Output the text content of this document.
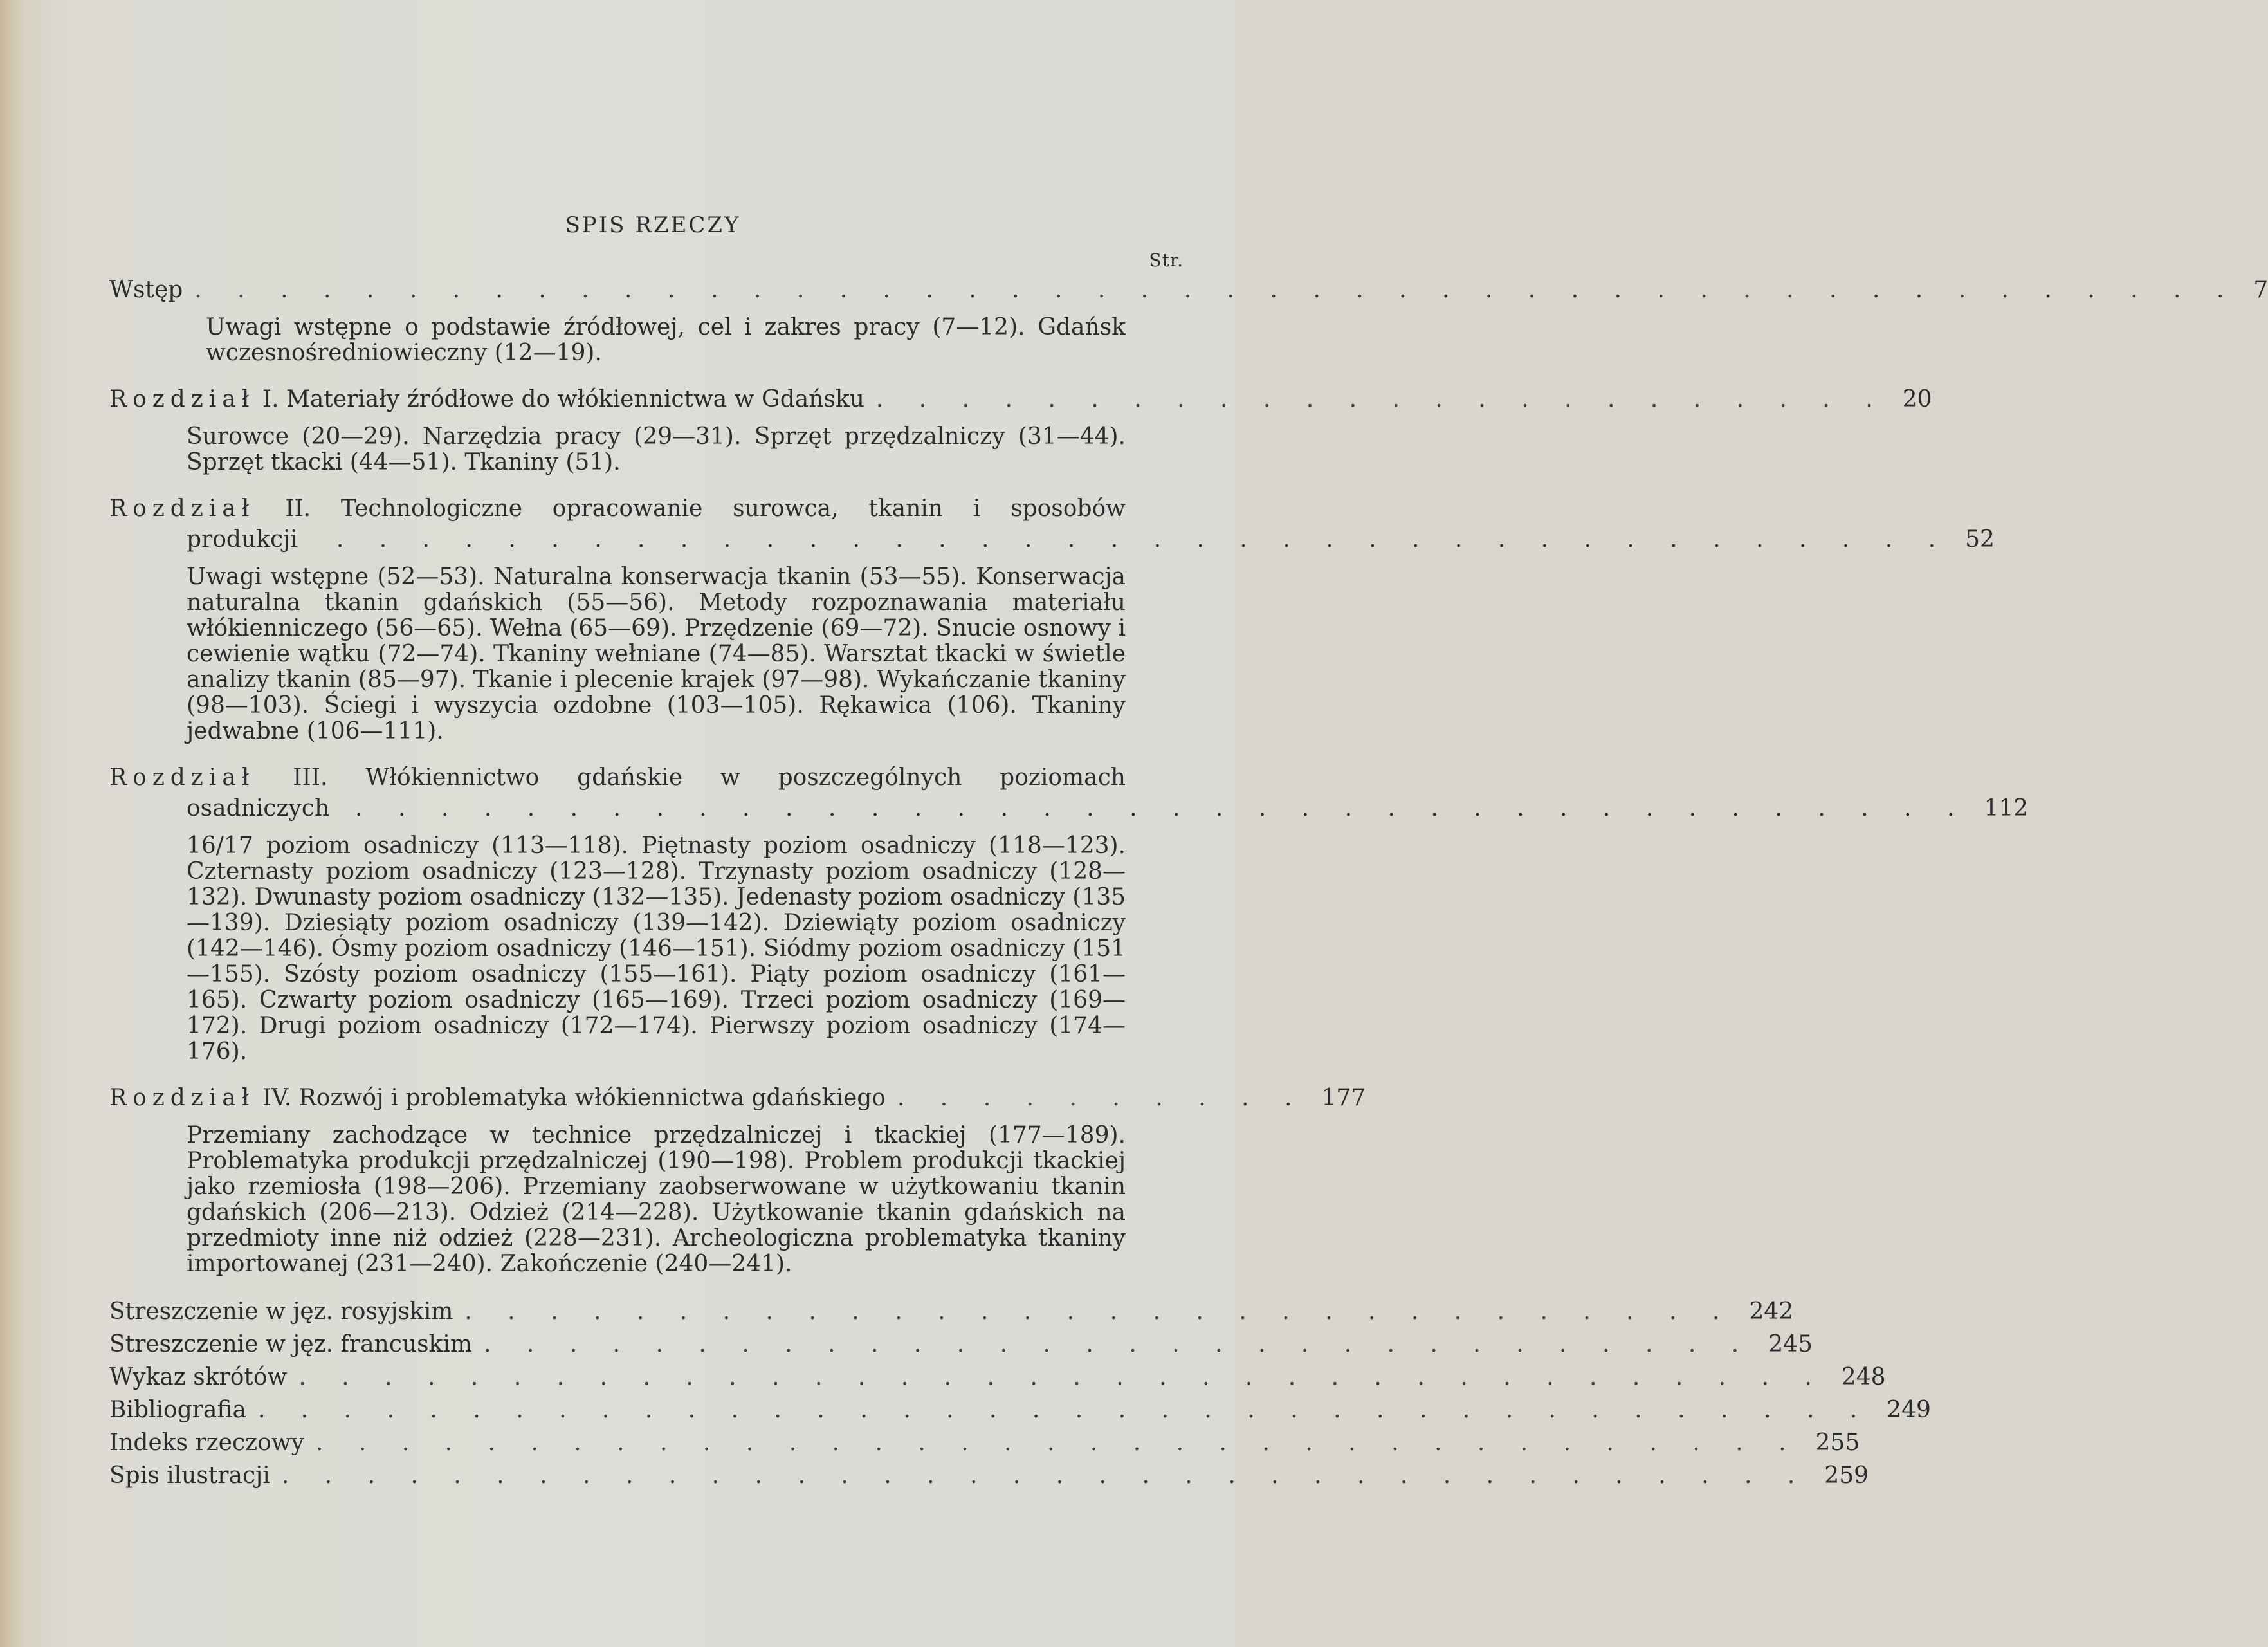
SPIS RZECZY
Str.
Wstęp . . . . . . . . . . . . . . . . . . . . . . . . . . . . . . . . . . . . . . . . . . . . . . . . 7
Uwagi wstępne o podstawie źródłowej, cel i zakres pracy (7—12). Gdańsk wczesnośredniowieczny (12—19).
Rozdział I. Materiały źródłowe do włókiennictwa w Gdańsku . . . . . . . . . . . . . . . . . . . . . . . . 20
Surowce (20—29). Narzędzia pracy (29—31). Sprzęt przędzalniczy (31—44). Sprzęt tkacki (44—51). Tkaniny (51).
Rozdział II. Technologiczne opracowanie surowca, tkanin i sposobów
produkcji . . . . . . . . . . . . . . . . . . . . . . . . . . . . . . . . . . . . . . 52
Uwagi wstępne (52—53). Naturalna konserwacja tkanin (53—55). Konserwacja naturalna tkanin gdańskich (55—56). Metody rozpoznawania materiału włókienniczego (56—65). Wełna (65—69). Przędzenie (69—72). Snucie osnowy i cewienie wątku (72—74). Tkaniny wełniane (74—85). Warsztat tkacki w świetle analizy tkanin (85—97). Tkanie i plecenie krajek (97—98). Wykańczanie tkaniny (98—103). Ściegi i wyszycia ozdobne (103—105). Rękawica (106). Tkaniny jedwabne (106—111).
Rozdział III. Włókiennictwo gdańskie w poszczególnych poziomach
osadniczych . . . . . . . . . . . . . . . . . . . . . . . . . . . . . . . . . . . . . . 112
16/17 poziom osadniczy (113—118). Piętnasty poziom osadniczy (118—123). Czternasty poziom osadniczy (123—128). Trzynasty poziom osadniczy (128—132). Dwunasty poziom osadniczy (132—135). Jedenasty poziom osadniczy (135—139). Dziesiąty poziom osadniczy (139—142). Dziewiąty poziom osadniczy (142—146). Ósmy poziom osadniczy (146—151). Siódmy poziom osadniczy (151—155). Szósty poziom osadniczy (155—161). Piąty poziom osadniczy (161—165). Czwarty poziom osadniczy (165—169). Trzeci poziom osadniczy (169—172). Drugi poziom osadniczy (172—174). Pierwszy poziom osadniczy (174—176).
Rozdział IV. Rozwój i problematyka włókiennictwa gdańskiego . . . . . . . . . . 177
Przemiany zachodzące w technice przędzalniczej i tkackiej (177—189). Problematyka produkcji przędzalniczej (190—198). Problem produkcji tkackiej jako rzemiosła (198—206). Przemiany zaobserwowane w użytkowaniu tkanin gdańskich (206—213). Odzież (214—228). Użytkowanie tkanin gdańskich na przedmioty inne niż odzież (228—231). Archeologiczna problematyka tkaniny importowanej (231—240). Zakończenie (240—241).
Streszczenie w jęz. rosyjskim . . . . . . . . . . . . . . . . . . . . . . . . . . . . . . 242
Streszczenie w jęz. francuskim . . . . . . . . . . . . . . . . . . . . . . . . . . . . . . 245
Wykaz skrótów . . . . . . . . . . . . . . . . . . . . . . . . . . . . . . . . . . . . 248
Bibliografia . . . . . . . . . . . . . . . . . . . . . . . . . . . . . . . . . . . . . . 249
Indeks rzeczowy . . . . . . . . . . . . . . . . . . . . . . . . . . . . . . . . . . . 255
Spis ilustracji . . . . . . . . . . . . . . . . . . . . . . . . . . . . . . . . . . . . 259
